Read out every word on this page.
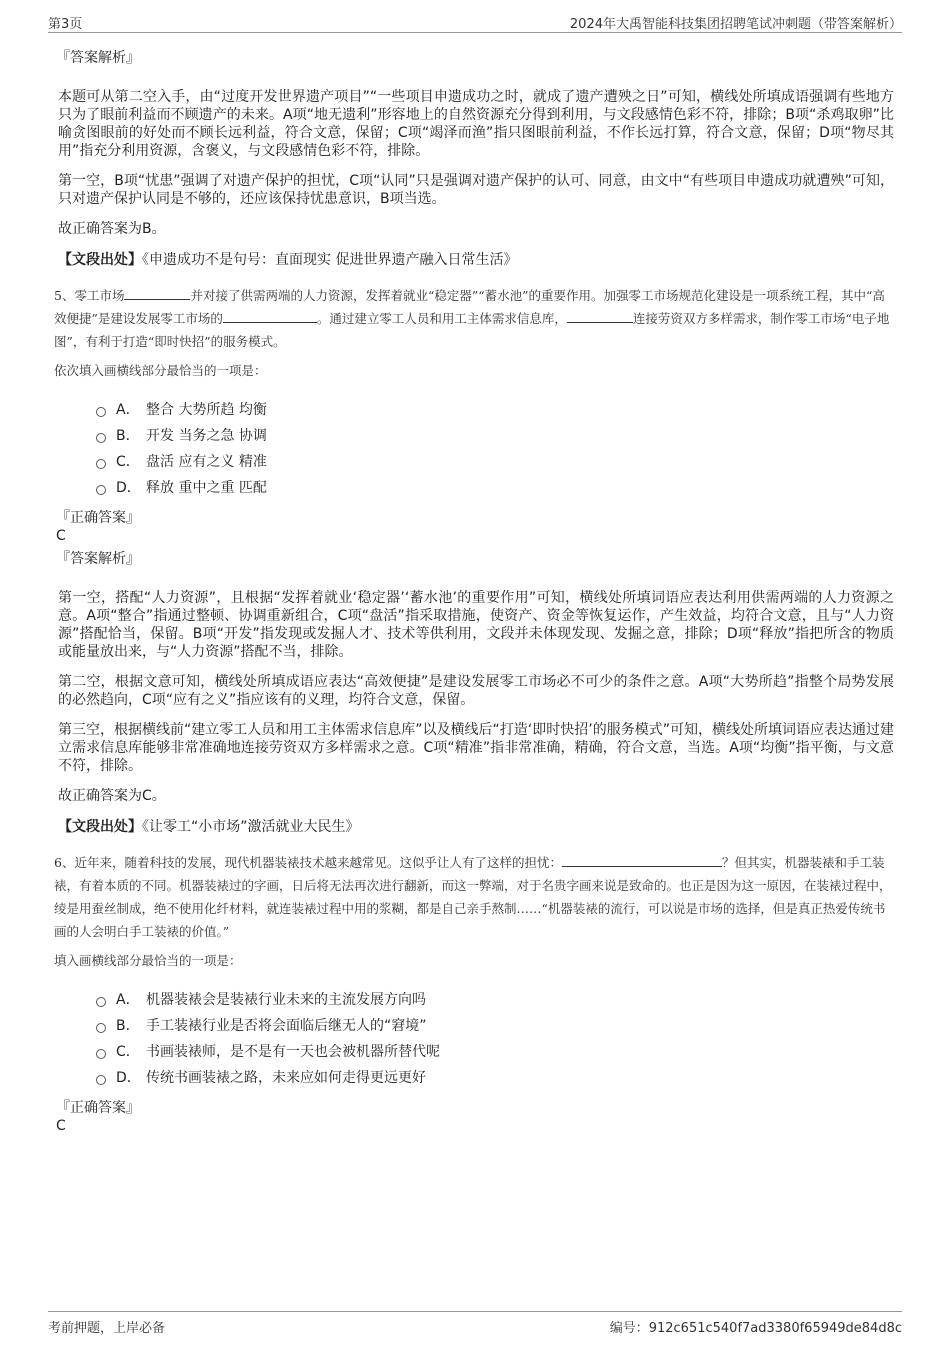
第3页	2024年大禹智能科技集团招聘笔试冲刺题（带答案解析）
『答案解析』

本题可从第二空入手，由“过度开发世界遗产项目”“一些项目申遗成功之时，就成了遗产遭殃之日”可知，横线处所填成语强调有些地方只为了眼前利益而不顾遗产的未来。A项“地无遗利”形容地上的自然资源充分得到利用，与文段感情色彩不符，排除；B项“杀鸡取卵”比喻贪图眼前的好处而不顾长远利益，符合文意，保留；C项“竭泽而渔”指只图眼前利益，不作长远打算，符合文意，保留；D项“物尽其用”指充分利用资源，含褒义，与文段感情色彩不符，排除。

第一空，B项“忧患”强调了对遗产保护的担忧，C项“认同”只是强调对遗产保护的认可、同意，由文中“有些项目申遗成功就遭殃”可知，只对遗产保护认同是不够的，还应该保持忧患意识，B项当选。

故正确答案为B。

【文段出处】《申遗成功不是句号：直面现实 促进世界遗产融入日常生活》
5、零工市场	并对接了供需两端的人力资源，发挥着就业“稳定器”“蓄水池”的重要作用。加强零工市场规范化建设是一项系统工程，其中“高效便捷”是建设发展零工市场的	。通过建立零工人员和用工主体需求信息库，	连接劳资双方多样需求，制作零工市场“电子地图”，有利于打造“即时快招”的服务模式。
依次填入画横线部分最恰当的一项是：
A． 整合 大势所趋 均衡
B． 开发 当务之急 协调
C． 盘活 应有之义 精准
D． 释放 重中之重 匹配
『正确答案』
C
『答案解析』

第一空，搭配“人力资源”，且根据“发挥着就业‘稳定器’‘蓄水池’的重要作用”可知，横线处所填词语应表达利用供需两端的人力资源之意。A项“整合”指通过整顿、协调重新组合，C项“盘活”指采取措施，使资产、资金等恢复运作，产生效益，均符合文意，且与“人力资源”搭配恰当，保留。B项“开发”指发现或发掘人才、技术等供利用，文段并未体现发现、发掘之意，排除；D项“释放”指把所含的物质或能量放出来，与“人力资源”搭配不当，排除。

第二空，根据文意可知，横线处所填成语应表达“高效便捷”是建设发展零工市场必不可少的条件之意。A项“大势所趋”指整个局势发展的必然趋向，C项“应有之义”指应该有的义理，均符合文意，保留。

第三空，根据横线前“建立零工人员和用工主体需求信息库”以及横线后“打造‘即时快招’的服务模式”可知，横线处所填词语应表达通过建立需求信息库能够非常准确地连接劳资双方多样需求之意。C项“精准”指非常准确，精确，符合文意，当选。A项“均衡”指平衡，与文意不符，排除。

故正确答案为C。

【文段出处】《让零工“小市场”激活就业大民生》
6、近年来，随着科技的发展，现代机器装裱技术越来越常见。这似乎让人有了这样的担忧：	？但其实，机器装裱和手工装裱，有着本质的不同。机器装裱过的字画，日后将无法再次进行翻新，而这一弊端，对于名贵字画来说是致命的。也正是因为这一原因，在装裱过程中，绫是用蚕丝制成，绝不使用化纤材料，就连装裱过程中用的浆糊，都是自己亲手熬制……“机器装裱的流行，可以说是市场的选择，但是真正热爱传统书画的人会明白手工装裱的价值。”
填入画横线部分最恰当的一项是：
A． 机器装裱会是装裱行业未来的主流发展方向吗
B． 手工装裱行业是否将会面临后继无人的“窘境”
C． 书画装裱师，是不是有一天也会被机器所替代呢
D． 传统书画装裱之路，未来应如何走得更远更好
『正确答案』
C
考前押题，上岸必备	编号：912c651c540f7ad3380f65949de84d8c
